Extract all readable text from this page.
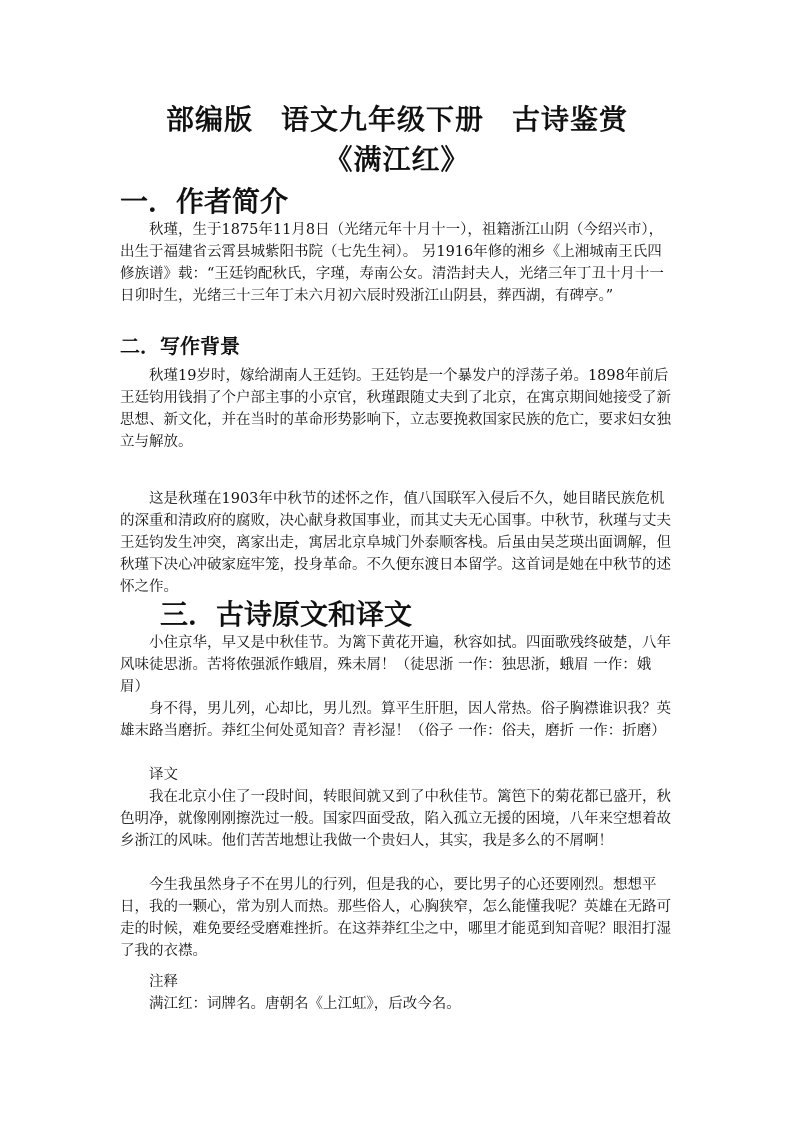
部编版 语文九年级下册 古诗鉴赏
《满江红》
一．作者简介

秋瑾，生于1875年11月8日（光绪元年十月十一），祖籍浙江山阴（今绍兴市），出生于福建省云霄县城紫阳书院（七先生祠）。 另1916年修的湘乡《上湘城南王氏四修族谱》载：“王廷钧配秋氏，字瑾，寿南公女。清浩封夫人，光绪三年丁丑十月十一日卯时生，光绪三十三年丁未六月初六辰时殁浙江山阴县，葬西湖，有碑亭。”

二．写作背景

秋瑾19岁时，嫁给湖南人王廷钧。王廷钧是一个暴发户的浮荡子弟。1898年前后王廷钧用钱捐了个户部主事的小京官，秋瑾跟随丈夫到了北京，在寓京期间她接受了新思想、新文化，并在当时的革命形势影响下，立志要挽救国家民族的危亡，要求妇女独立与解放。

这是秋瑾在1903年中秋节的述怀之作，值八国联军入侵后不久，她目睹民族危机的深重和清政府的腐败，决心献身救国事业，而其丈夫无心国事。中秋节，秋瑾与丈夫王廷钧发生冲突，离家出走，寓居北京阜城门外泰顺客栈。后虽由吴芝瑛出面调解，但秋瑾下决心冲破家庭牢笼，投身革命。不久便东渡日本留学。这首词是她在中秋节的述怀之作。

三．古诗原文和译文

小住京华，早又是中秋佳节。为篱下黄花开遍，秋容如拭。四面歌残终破楚，八年风味徒思浙。苦将侬强派作蛾眉，殊未屑！（徒思浙 一作：独思浙，蛾眉 一作：娥眉）

身不得，男儿列，心却比，男儿烈。算平生肝胆，因人常热。俗子胸襟谁识我？英雄末路当磨折。莽红尘何处觅知音？青衫湿！（俗子 一作：俗夫，磨折 一作：折磨）

译文

我在北京小住了一段时间，转眼间就又到了中秋佳节。篱笆下的菊花都已盛开，秋色明净，就像刚刚擦洗过一般。国家四面受敌，陷入孤立无援的困境，八年来空想着故乡浙江的风味。他们苦苦地想让我做一个贵妇人，其实，我是多么的不屑啊！

今生我虽然身子不在男儿的行列，但是我的心，要比男子的心还要刚烈。想想平日，我的一颗心，常为别人而热。那些俗人，心胸狭窄，怎么能懂我呢？英雄在无路可走的时候，难免要经受磨难挫折。在这莽莽红尘之中，哪里才能觅到知音呢？眼泪打湿了我的衣襟。

注释
满江红：词牌名。唐朝名《上江虹》，后改今名。
